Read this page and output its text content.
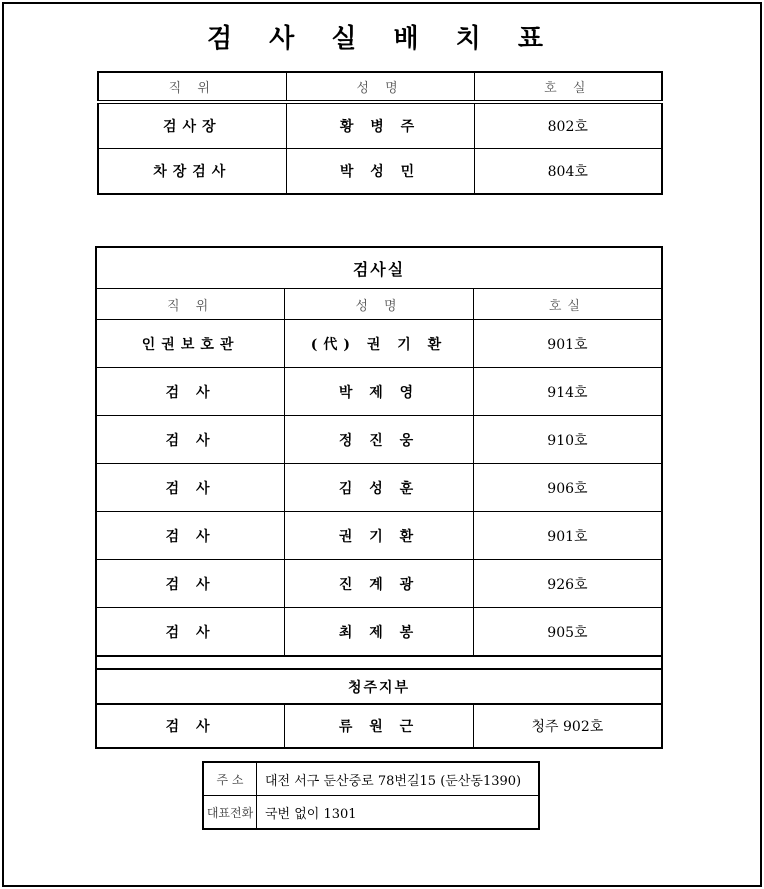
검 사 실 배 치 표
직 위	성 명	호 실
검사장	황 병 주	802호
차장검사	박 성 민	804호
검사실		
직 위	성 명	호실
인권보호관	(代) 권 기 환	901호
검 사	박 제 영	914호
검 사	정 진 웅	910호
검 사	김 성 훈	906호
검 사	권 기 환	901호
검 사	진 계 광	926호
검 사	최 제 봉	905호

청주지부		
검 사	류 원 근	청주 902호
주 소	대전 서구 둔산중로 78번길15 (둔산동1390)
대표전화	국번 없이 1301
